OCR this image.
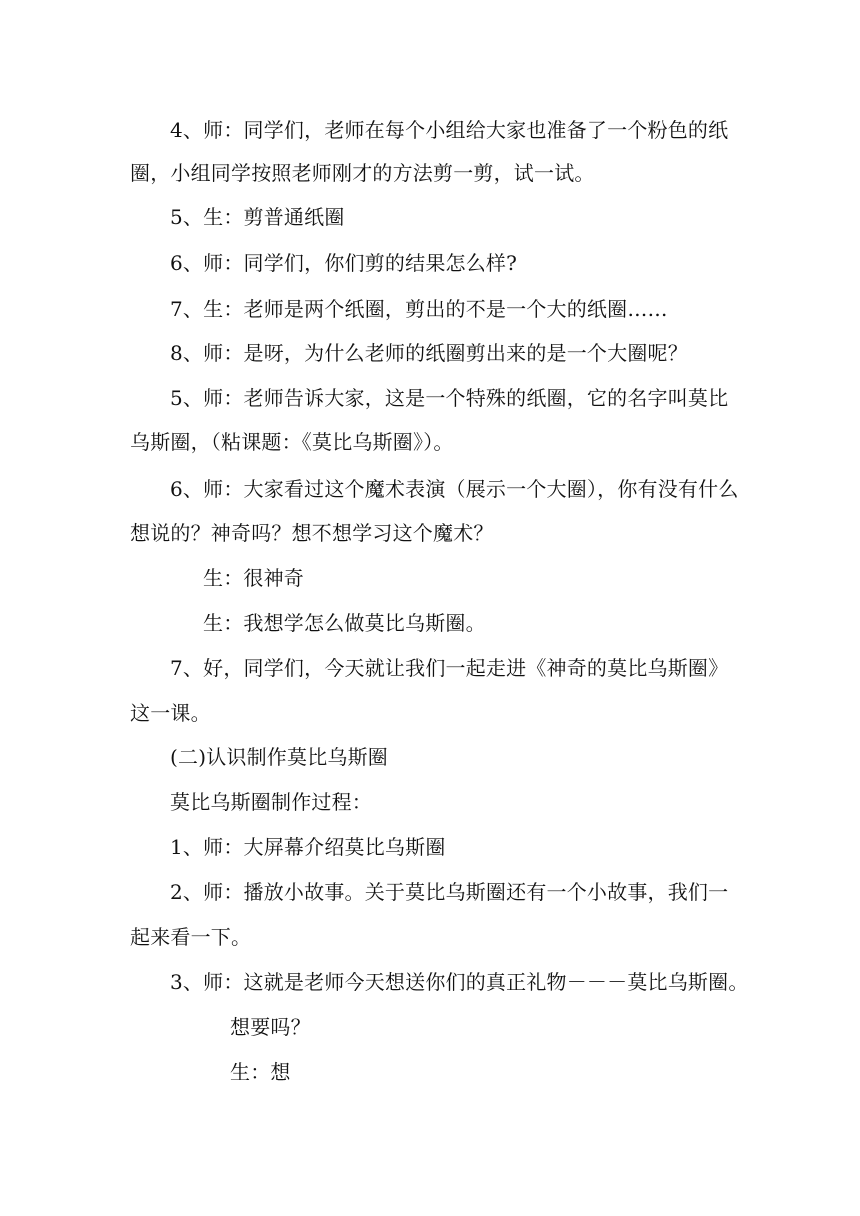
4、师：同学们，老师在每个小组给大家也准备了一个粉色的纸
圈，小组同学按照老师刚才的方法剪一剪，试一试。
5、生：剪普通纸圈
6、师：同学们，你们剪的结果怎么样?
7、生：老师是两个纸圈，剪出的不是一个大的纸圈……
8、师：是呀，为什么老师的纸圈剪出来的是一个大圈呢？
5、师：老师告诉大家，这是一个特殊的纸圈，它的名字叫莫比
乌斯圈，（粘课题：《莫比乌斯圈》）。
6、师：大家看过这个魔术表演（展示一个大圈），你有没有什么
想说的？神奇吗？想不想学习这个魔术？
生：很神奇
生：我想学怎么做莫比乌斯圈。
7、好，同学们，今天就让我们一起走进《神奇的莫比乌斯圈》
这一课。
(二)认识制作莫比乌斯圈
莫比乌斯圈制作过程：
1、师：大屏幕介绍莫比乌斯圈
2、师：播放小故事。关于莫比乌斯圈还有一个小故事，我们一
起来看一下。
3、师：这就是老师今天想送你们的真正礼物－－－莫比乌斯圈。
想要吗？
生：想
